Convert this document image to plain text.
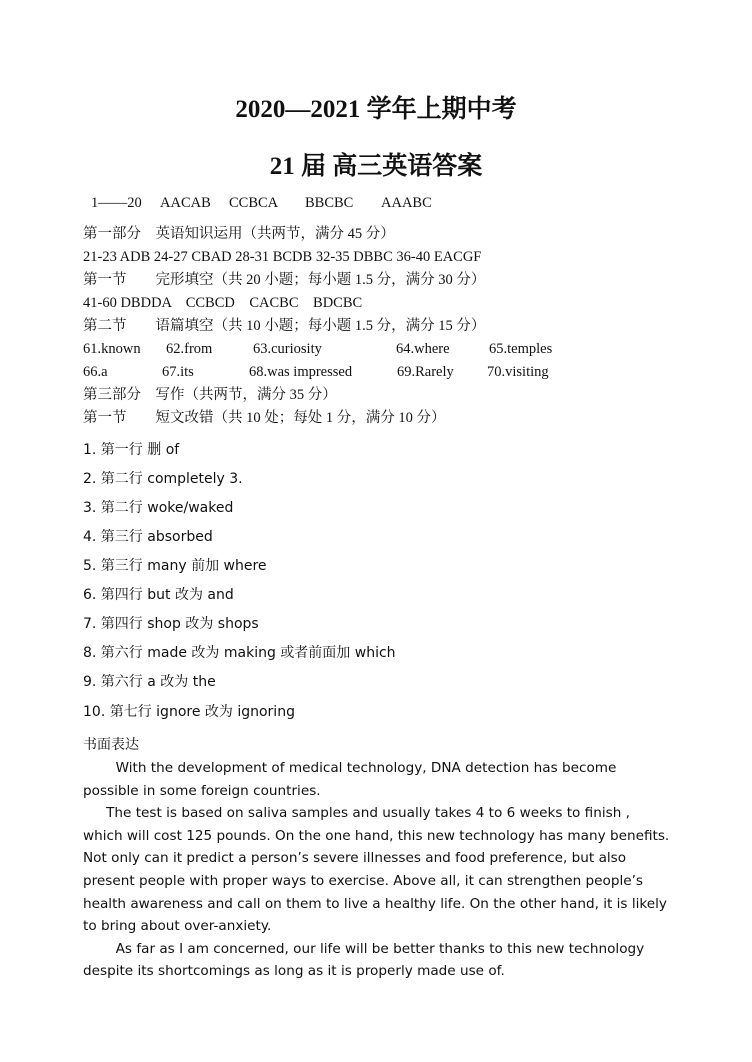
2020—2021 学年上期中考
21 届 高三英语答案
1——20 AACAB CCBCA BBCBC AAABC
第一部分　英语知识运用（共两节，满分 45 分）
21-23 ADB 24-27 CBAD 28-31 BCDB 32-35 DBBC 36-40 EACGF
第一节　　完形填空（共 20 小题；每小题 1.5 分，满分 30 分）
41-60 DBDDA　CCBCD　CACBC　BDCBC
第二节　　语篇填空（共 10 小题；每小题 1.5 分，满分 15 分）
61.known 62.from	63.curiosity	64.where	65.temples
66.a	67.its	68.was impressed	69.Rarely 70.visiting
第三部分　写作（共两节，满分 35 分）
第一节　　短文改错（共 10 处；每处 1 分，满分 10 分）
1. 第一行 删 of
2. 第二行 completely 3.
3. 第二行 woke/waked
4. 第三行 absorbed
5. 第三行 many 前加 where
6. 第四行 but 改为 and
7. 第四行 shop 改为 shops
8. 第六行 made 改为 making 或者前面加 which
9. 第六行 a 改为 the
10. 第七行 ignore 改为 ignoring
书面表达

With the development of medical technology, DNA detection has become possible in some foreign countries.

The test is based on saliva samples and usually takes 4 to 6 weeks to finish , which will cost 125 pounds. On the one hand, this new technology has many benefits. Not only can it predict a person’s severe illnesses and food preference, but also present people with proper ways to exercise. Above all, it can strengthen people’s health awareness and call on them to live a healthy life. On the other hand, it is likely to bring about over-anxiety.

As far as I am concerned, our life will be better thanks to this new technology despite its shortcomings as long as it is properly made use of.
